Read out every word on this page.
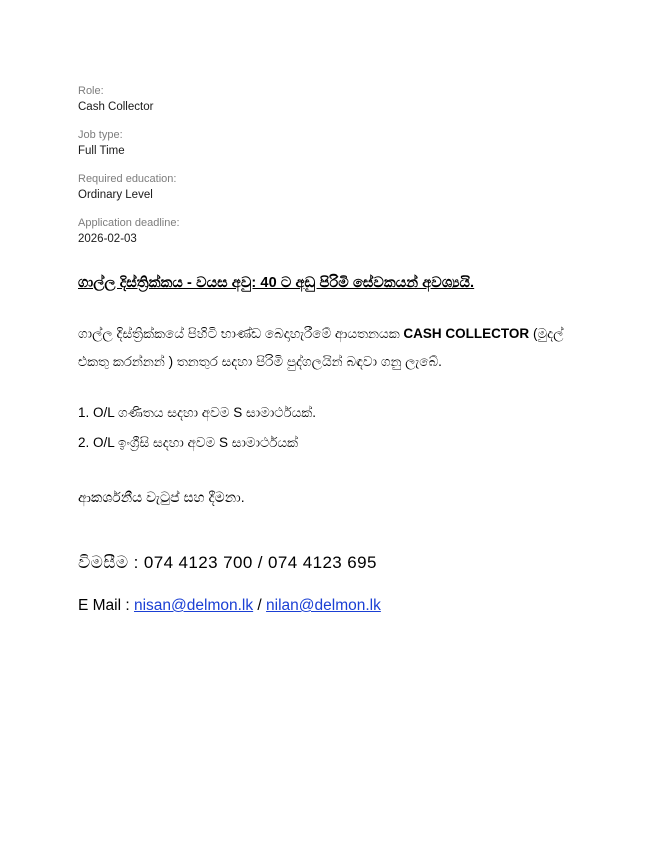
Role:
Cash Collector
Job type:
Full Time
Required education:
Ordinary Level
Application deadline:
2026-02-03
ගාල්ල දිස්ත්‍රික්කය - වයස අවු: 40 ට අඩු පිරිමි සේවකයන් අවශ්‍යයි.
ගාල්ල දිස්ත්‍රික්කයේ පිහිටි භාණ්ඩ බෙදාහැරීමේ ආයතනයක CASH COLLECTOR (මුදල් එකතු කරන්නන් ) තනතුර සදහා පිරිමි පුද්ගලයින් බඳවා ගනු ලැබේ.
1. O/L ගණිතය සදහා අවම S සාමාර්ථයක්.
2. O/L ඉංග්‍රීසි සදහා අවම S සාමාර්ථයක්
ආකර්ශනීය වැටුප් සහ දීමනා.
විමසීම : 074 4123 700 / 074 4123 695
E Mail : nisan@delmon.lk / nilan@delmon.lk
